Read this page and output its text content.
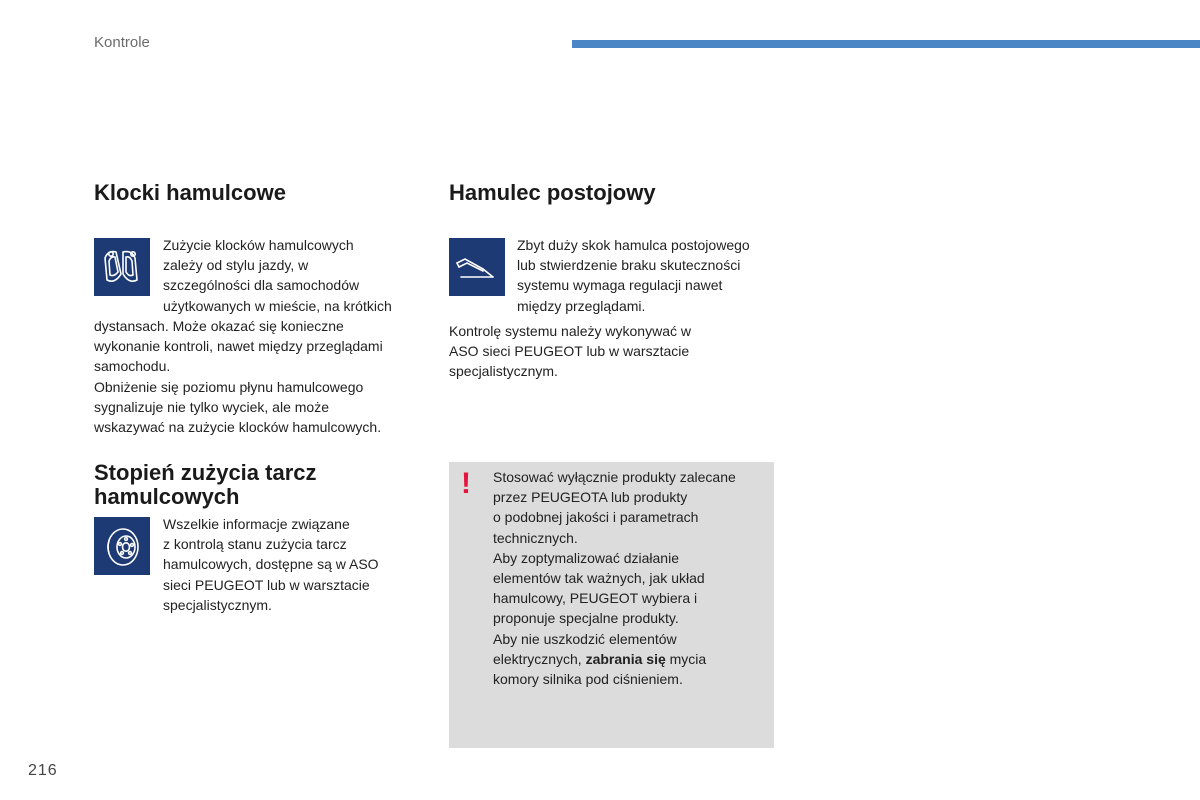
Kontrole
Klocki hamulcowe
Zużycie klocków hamulcowych
zależy od stylu jazdy, w
szczególności dla samochodów
użytkowanych w mieście, na krótkich
dystansach. Może okazać się konieczne
wykonanie kontroli, nawet między przeglądami
samochodu.
Obniżenie się poziomu płynu hamulcowego
sygnalizuje nie tylko wyciek, ale może
wskazywać na zużycie klocków hamulcowych.
Stopień zużycia tarcz
hamulcowych
Wszelkie informacje związane
z kontrolą stanu zużycia tarcz
hamulcowych, dostępne są w ASO
sieci PEUGEOT lub w warsztacie
specjalistycznym.
Hamulec postojowy
Zbyt duży skok hamulca postojowego
lub stwierdzenie braku skuteczności
systemu wymaga regulacji nawet
między przeglądami.
Kontrolę systemu należy wykonywać w
ASO sieci PEUGEOT lub w warsztacie
specjalistycznym.
! Stosować wyłącznie produkty zalecane
przez PEUGEOTA lub produkty
o podobnej jakości i parametrach
technicznych.
Aby zoptymalizować działanie
elementów tak ważnych, jak układ
hamulcowy, PEUGEOT wybiera i
proponuje specjalne produkty.
Aby nie uszkodzić elementów
elektrycznych, zabrania się mycia
komory silnika pod ciśnieniem.
216
